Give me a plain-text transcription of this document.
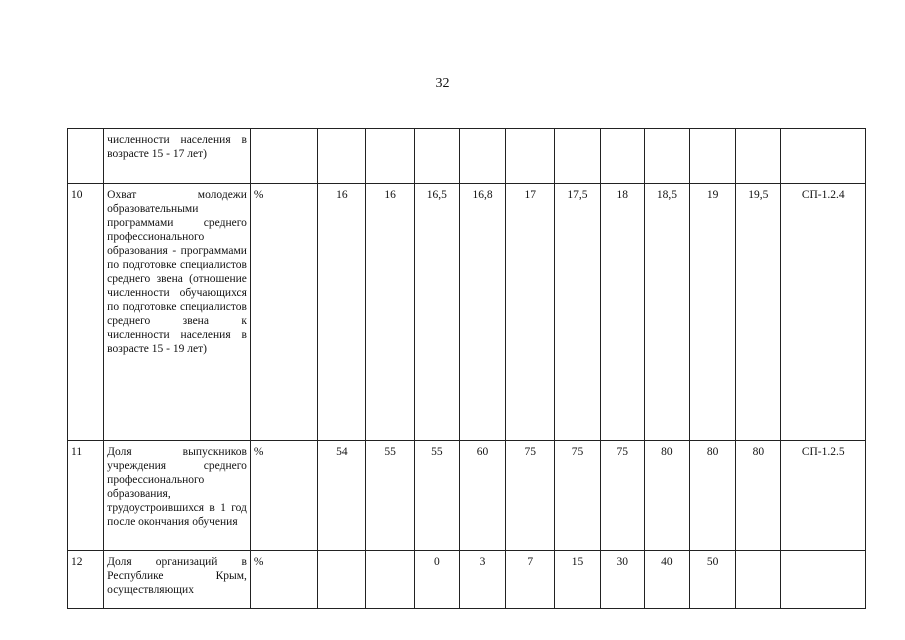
32
	численности населения в возрасте 15 - 17 лет)												
10	Охват молодежи образовательными программами среднего профессионального образования - программами по подготовке специалистов среднего звена (отношение численности обучающихся по подготовке специалистов среднего звена к численности населения в возрасте 15 - 19 лет)	%	16	16	16,5	16,8	17	17,5	18	18,5	19	19,5	СП-1.2.4
11	Доля выпускников учреждения среднего профессионального образования, трудоустроившихся в 1 год после окончания обучения	%	54	55	55	60	75	75	75	80	80	80	СП-1.2.5
12	Доля организаций в Республике Крым, осуществляющих	%			0	3	7	15	30	40	50		
